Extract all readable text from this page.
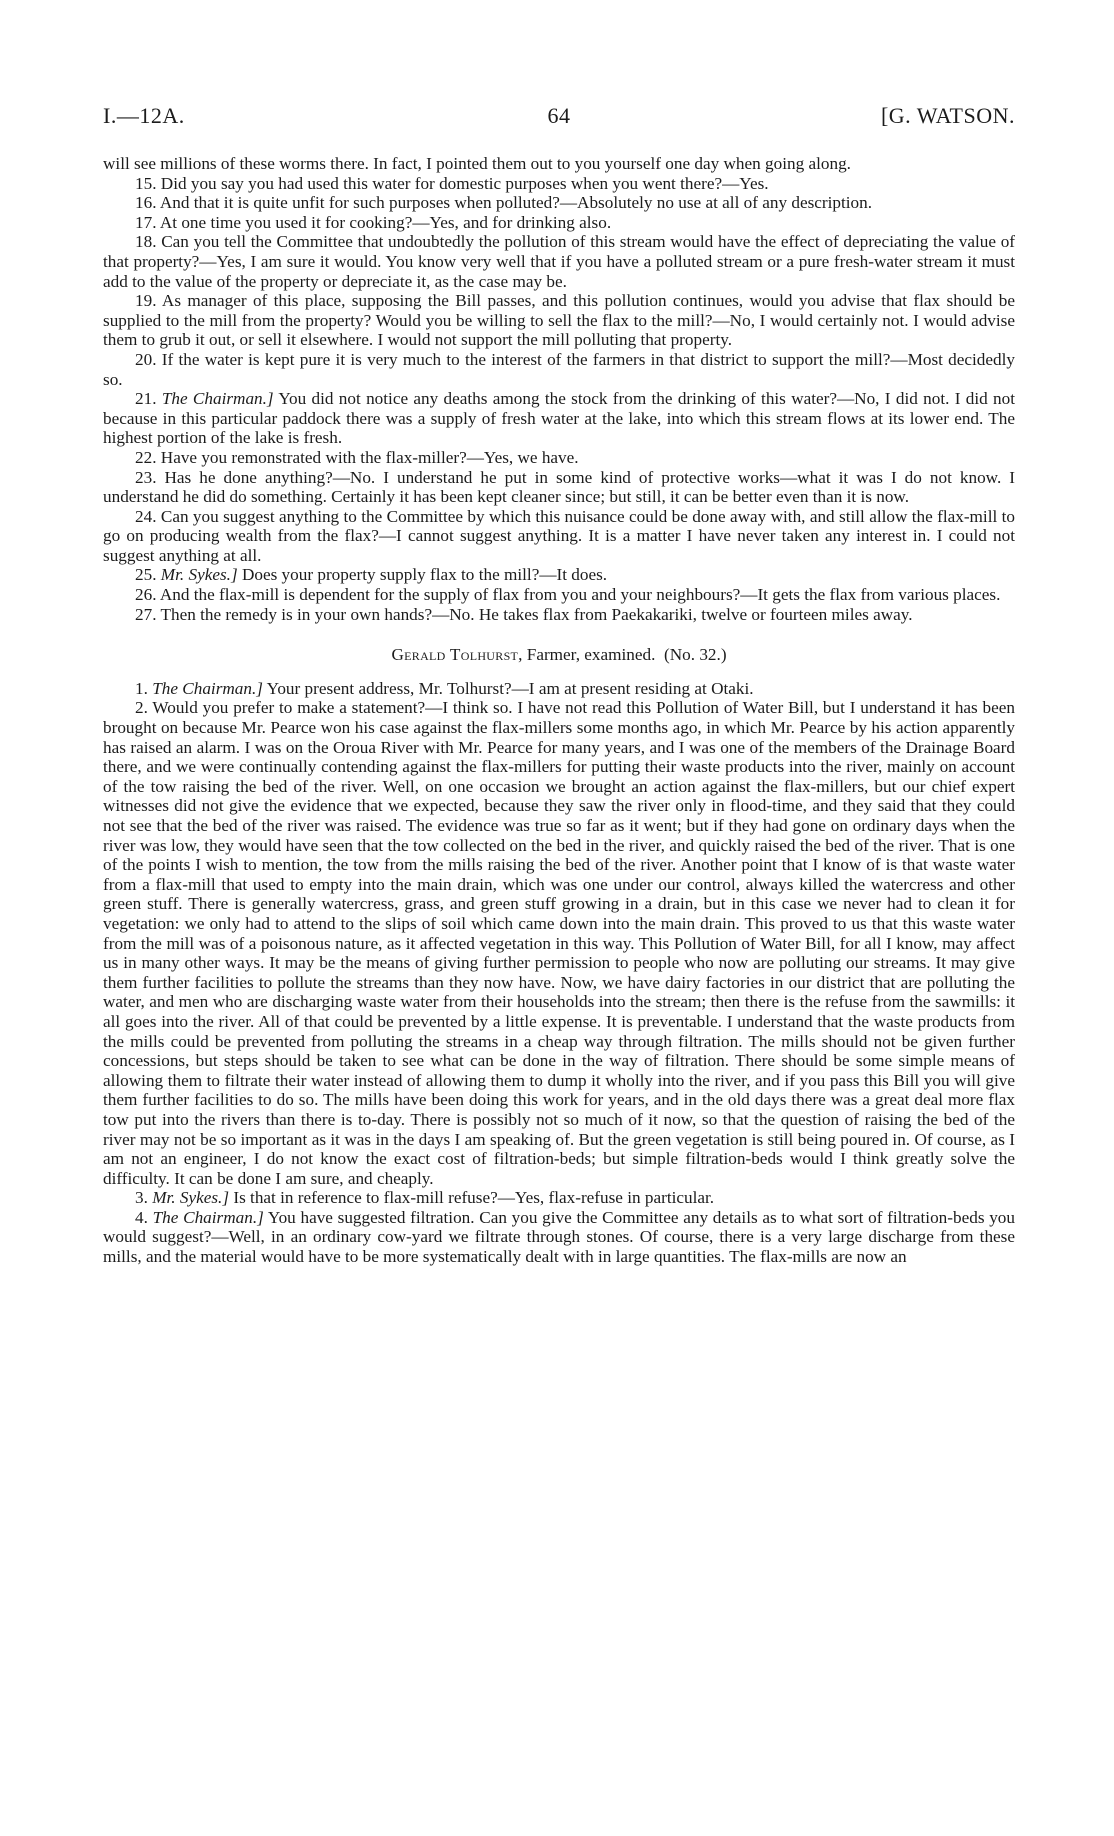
I.—12A.	64	[G. WATSON.

will see millions of these worms there. In fact, I pointed them out to you yourself one day when going along.

15. Did you say you had used this water for domestic purposes when you went there?—Yes.

16. And that it is quite unfit for such purposes when polluted?—Absolutely no use at all of any description.

17. At one time you used it for cooking?—Yes, and for drinking also.

18. Can you tell the Committee that undoubtedly the pollution of this stream would have the effect of depreciating the value of that property?—Yes, I am sure it would. You know very well that if you have a polluted stream or a pure fresh-water stream it must add to the value of the property or depreciate it, as the case may be.

19. As manager of this place, supposing the Bill passes, and this pollution continues, would you advise that flax should be supplied to the mill from the property? Would you be willing to sell the flax to the mill?—No, I would certainly not. I would advise them to grub it out, or sell it elsewhere. I would not support the mill polluting that property.

20. If the water is kept pure it is very much to the interest of the farmers in that district to support the mill?—Most decidedly so.

21. The Chairman.] You did not notice any deaths among the stock from the drinking of this water?—No, I did not. I did not because in this particular paddock there was a supply of fresh water at the lake, into which this stream flows at its lower end. The highest portion of the lake is fresh.

22. Have you remonstrated with the flax-miller?—Yes, we have.

23. Has he done anything?—No. I understand he put in some kind of protective works—what it was I do not know. I understand he did do something. Certainly it has been kept cleaner since; but still, it can be better even than it is now.

24. Can you suggest anything to the Committee by which this nuisance could be done away with, and still allow the flax-mill to go on producing wealth from the flax?—I cannot suggest anything. It is a matter I have never taken any interest in. I could not suggest anything at all.

25. Mr. Sykes.] Does your property supply flax to the mill?—It does.

26. And the flax-mill is dependent for the supply of flax from you and your neighbours?—It gets the flax from various places.

27. Then the remedy is in your own hands?—No. He takes flax from Paekakariki, twelve or fourteen miles away.

Gerald Tolhurst, Farmer, examined. (No. 32.)

1. The Chairman.] Your present address, Mr. Tolhurst?—I am at present residing at Otaki.

2. Would you prefer to make a statement?—I think so. I have not read this Pollution of Water Bill, but I understand it has been brought on because Mr. Pearce won his case against the flax-millers some months ago, in which Mr. Pearce by his action apparently has raised an alarm. I was on the Oroua River with Mr. Pearce for many years, and I was one of the members of the Drainage Board there, and we were continually contending against the flax-millers for putting their waste products into the river, mainly on account of the tow raising the bed of the river. Well, on one occasion we brought an action against the flax-millers, but our chief expert witnesses did not give the evidence that we expected, because they saw the river only in flood-time, and they said that they could not see that the bed of the river was raised. The evidence was true so far as it went; but if they had gone on ordinary days when the river was low, they would have seen that the tow collected on the bed in the river, and quickly raised the bed of the river. That is one of the points I wish to mention, the tow from the mills raising the bed of the river. Another point that I know of is that waste water from a flax-mill that used to empty into the main drain, which was one under our control, always killed the watercress and other green stuff. There is generally watercress, grass, and green stuff growing in a drain, but in this case we never had to clean it for vegetation: we only had to attend to the slips of soil which came down into the main drain. This proved to us that this waste water from the mill was of a poisonous nature, as it affected vegetation in this way. This Pollution of Water Bill, for all I know, may affect us in many other ways. It may be the means of giving further permission to people who now are polluting our streams. It may give them further facilities to pollute the streams than they now have. Now, we have dairy factories in our district that are polluting the water, and men who are discharging waste water from their households into the stream; then there is the refuse from the sawmills: it all goes into the river. All of that could be prevented by a little expense. It is preventable. I understand that the waste products from the mills could be prevented from polluting the streams in a cheap way through filtration. The mills should not be given further concessions, but steps should be taken to see what can be done in the way of filtration. There should be some simple means of allowing them to filtrate their water instead of allowing them to dump it wholly into the river, and if you pass this Bill you will give them further facilities to do so. The mills have been doing this work for years, and in the old days there was a great deal more flax tow put into the rivers than there is to-day. There is possibly not so much of it now, so that the question of raising the bed of the river may not be so important as it was in the days I am speaking of. But the green vegetation is still being poured in. Of course, as I am not an engineer, I do not know the exact cost of filtration-beds; but simple filtration-beds would I think greatly solve the difficulty. It can be done I am sure, and cheaply.

3. Mr. Sykes.] Is that in reference to flax-mill refuse?—Yes, flax-refuse in particular.

4. The Chairman.] You have suggested filtration. Can you give the Committee any details as to what sort of filtration-beds you would suggest?—Well, in an ordinary cow-yard we filtrate through stones. Of course, there is a very large discharge from these mills, and the material would have to be more systematically dealt with in large quantities. The flax-mills are now an
